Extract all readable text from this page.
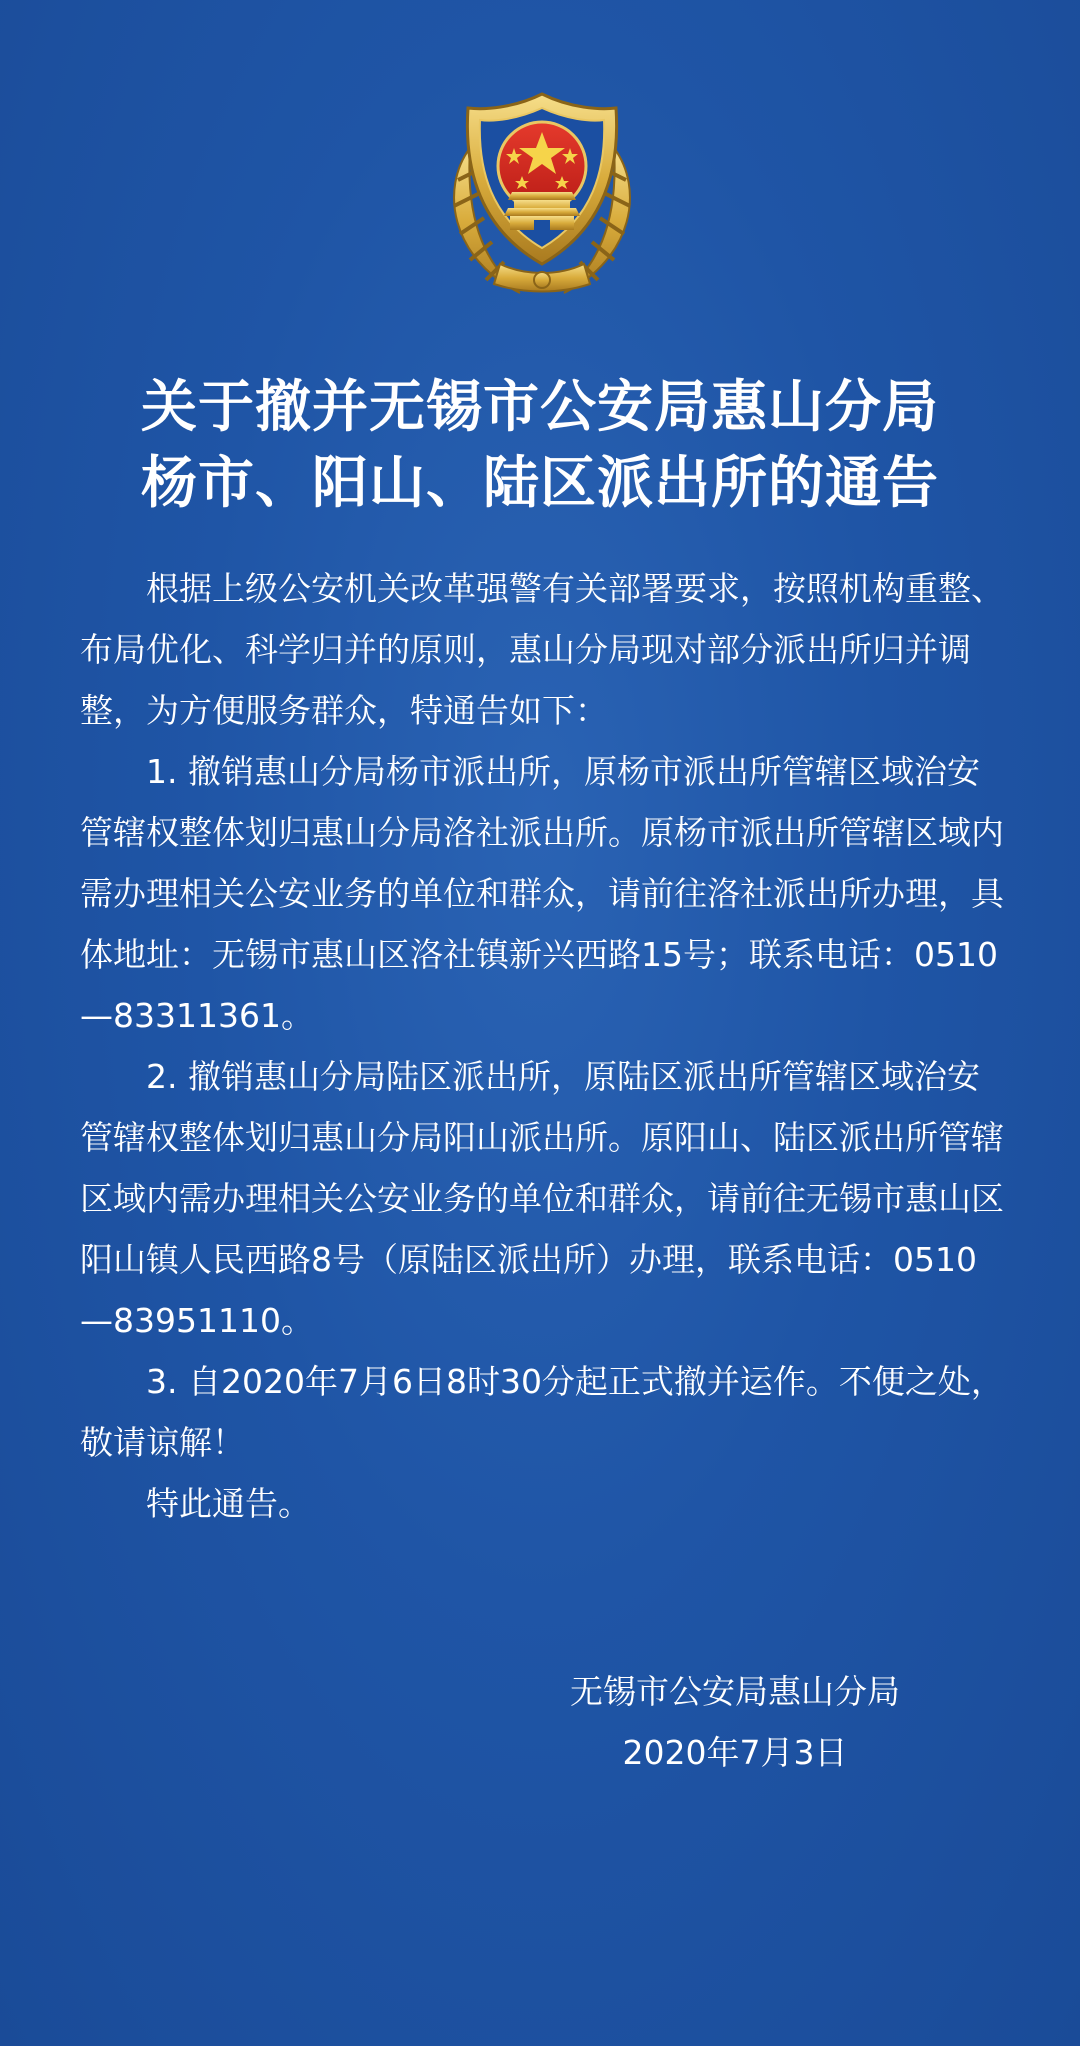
关于撤并无锡市公安局惠山分局
杨市、阳山、陆区派出所的通告

根据上级公安机关改革强警有关部署要求，按照机构重整、布局优化、科学归并的原则，惠山分局现对部分派出所归并调整，为方便服务群众，特通告如下：

1. 撤销惠山分局杨市派出所，原杨市派出所管辖区域治安管辖权整体划归惠山分局洛社派出所。原杨市派出所管辖区域内需办理相关公安业务的单位和群众，请前往洛社派出所办理，具体地址：无锡市惠山区洛社镇新兴西路15号；联系电话：0510—83311361。

2. 撤销惠山分局陆区派出所，原陆区派出所管辖区域治安管辖权整体划归惠山分局阳山派出所。原阳山、陆区派出所管辖区域内需办理相关公安业务的单位和群众，请前往无锡市惠山区阳山镇人民西路8号（原陆区派出所）办理，联系电话：0510—83951110。

3. 自2020年7月6日8时30分起正式撤并运作。不便之处，敬请谅解！

特此通告。

无锡市公安局惠山分局
2020年7月3日
